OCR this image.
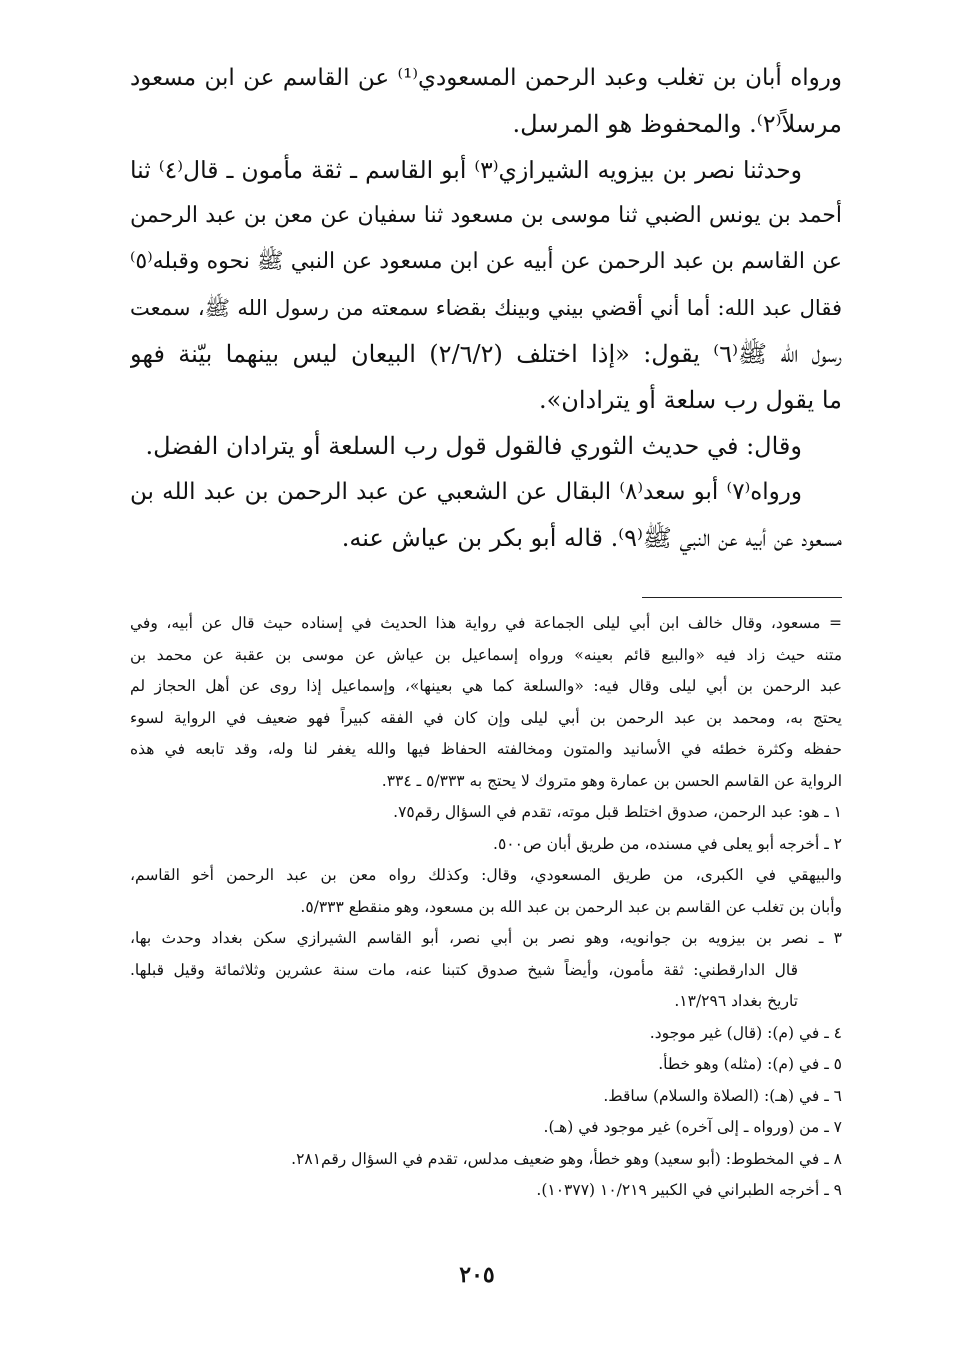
ورواه أبان بن تغلب وعبد الرحمن المسعودي⁽¹⁾ عن القاسم عن ابن مسعود
مرسلاً⁽٢⁾. والمحفوظ هو المرسل.
وحدثنا نصر بن بيزويه الشيرازي⁽٣⁾ أبو القاسم ـ ثقة مأمون ـ قال⁽٤⁾ ثنا
أحمد بن يونس الضبي ثنا موسى بن مسعود ثنا سفيان عن معن بن عبد الرحمن
عن القاسم بن عبد الرحمن عن أبيه عن ابن مسعود عن النبي ﷺ نحوه وقبله⁽٥⁾
فقال عبد الله: أما أني أقضي بيني وبينك بقضاء سمعته من رسول الله ﷺ، سمعت
رسول الله ﷺ⁽٦⁾ يقول: «إذا اختلف (٢/٦/٢) البيعان ليس بينهما بيّنة فهو
ما يقول رب سلعة أو يترادان».
وقال: في حديث الثوري فالقول قول رب السلعة أو يترادان الفضل.
ورواه⁽٧⁾ أبو سعد⁽٨⁾ البقال عن الشعبي عن عبد الرحمن بن عبد الله بن
مسعود عن أبيه عن النبي ﷺ⁽٩⁾. قاله أبو بكر بن عياش عنه.
= مسعود، وقال خالف ابن أبي ليلى الجماعة في رواية هذا الحديث في إسناده حيث قال عن أبيه، وفي
متنه حيث زاد فيه «والبيع قائم بعينه» ورواه إسماعيل بن عياش عن موسى بن عقبة عن محمد بن
عبد الرحمن بن أبي ليلى وقال فيه: «والسلعة كما هي بعينها»، وإسماعيل إذا روى عن أهل الحجاز لم
يحتج به، ومحمد بن عبد الرحمن بن أبي ليلى وإن كان في الفقه كبيراً فهو ضعيف في الرواية لسوء
حفظه وكثرة خطئه في الأسانيد والمتون ومخالفته الحفاظ فيها والله يغفر لنا وله، وقد تابعه في هذه
الرواية عن القاسم الحسن بن عمارة وهو متروك لا يحتج به ٥/٣٣٣ ـ ٣٣٤.
١ ـ هو: عبد الرحمن، صدوق اختلط قبل موته، تقدم في السؤال رقم٧٥.
٢ ـ أخرجه أبو يعلى في مسنده، من طريق أبان ص٥٠٠.
والبيهقي في الكبرى، من طريق المسعودي، وقال: وكذلك رواه معن بن عبد الرحمن أخو القاسم،
وأبان بن تغلب عن القاسم بن عبد الرحمن بن عبد الله بن مسعود، وهو منقطع ٥/٣٣٣.
٣ ـ نصر بن بيزويه بن جوانويه، وهو نصر بن أبي نصر، أبو القاسم الشيرازي سكن بغداد وحدث بها،
قال الدارقطني: ثقة مأمون، وأيضاً شيخ صدوق كتبنا عنه، مات سنة عشرين وثلاثمائة وقيل قبلها.
تاريخ بغداد ١٣/٢٩٦.
٤ ـ في (م): (قال) غير موجود.
٥ ـ في (م): (مثله) وهو خطأ.
٦ ـ في (هـ): (الصلاة والسلام) ساقط.
٧ ـ من (ورواه ـ إلى آخره) غير موجود في (هـ).
٨ ـ في المخطوط: (أبو سعيد) وهو خطأ، وهو ضعيف مدلس، تقدم في السؤال رقم٢٨١.
٩ ـ أخرجه الطبراني في الكبير ١٠/٢١٩ (١٠٣٧٧).
٢٠٥
